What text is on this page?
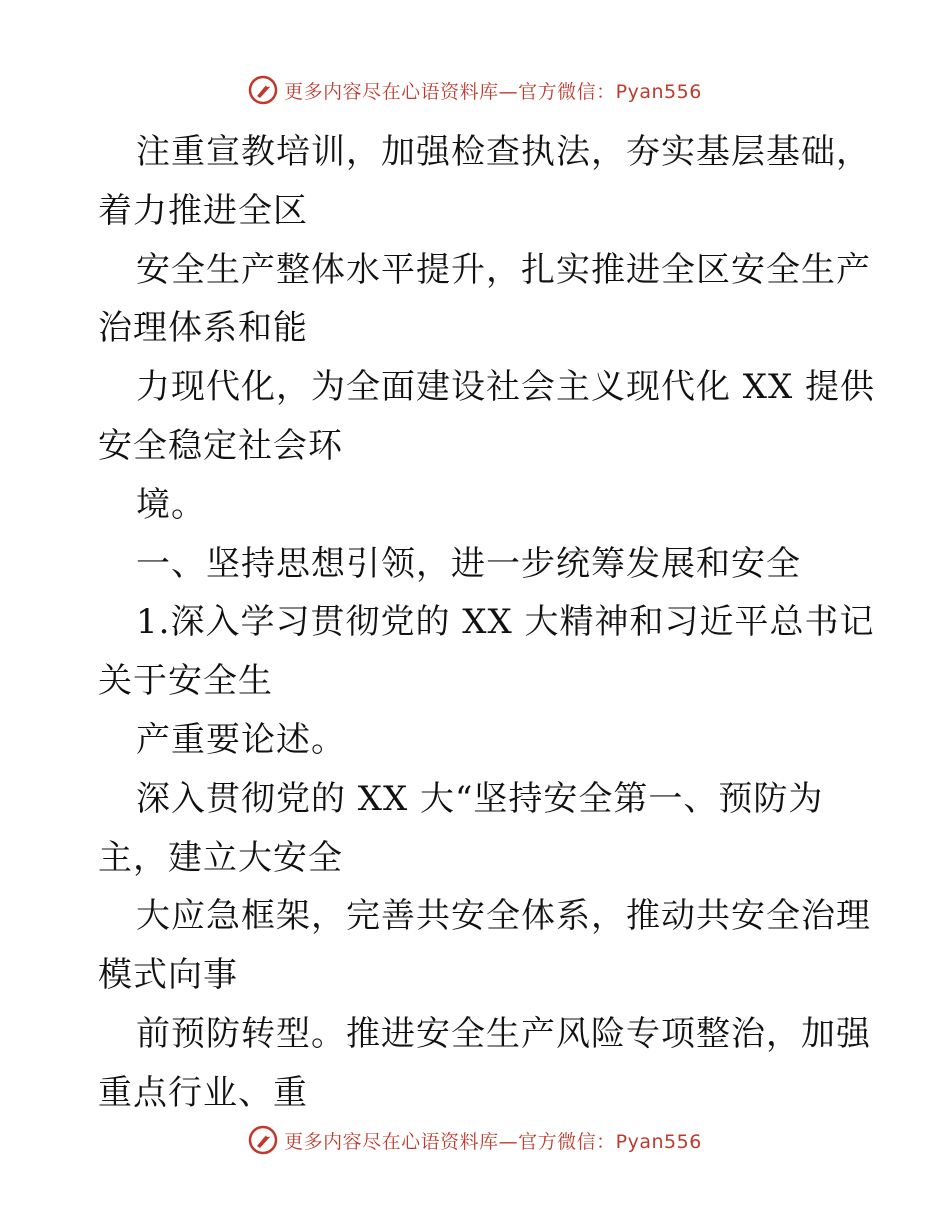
更多内容尽在心语资料库—官方微信：Pyan556
注重宣教培训，加强检查执法，夯实基层基础，
着力推进全区
安全生产整体水平提升，扎实推进全区安全生产
治理体系和能
力现代化，为全面建设社会主义现代化 XX 提供
安全稳定社会环
境。
一、坚持思想引领，进一步统筹发展和安全
1.深入学习贯彻党的 XX 大精神和习近平总书记
关于安全生
产重要论述。
深入贯彻党的 XX 大“坚持安全第一、预防为
主，建立大安全
大应急框架，完善共安全体系，推动共安全治理
模式向事
前预防转型。推进安全生产风险专项整治，加强
重点行业、重
更多内容尽在心语资料库—官方微信：Pyan556
